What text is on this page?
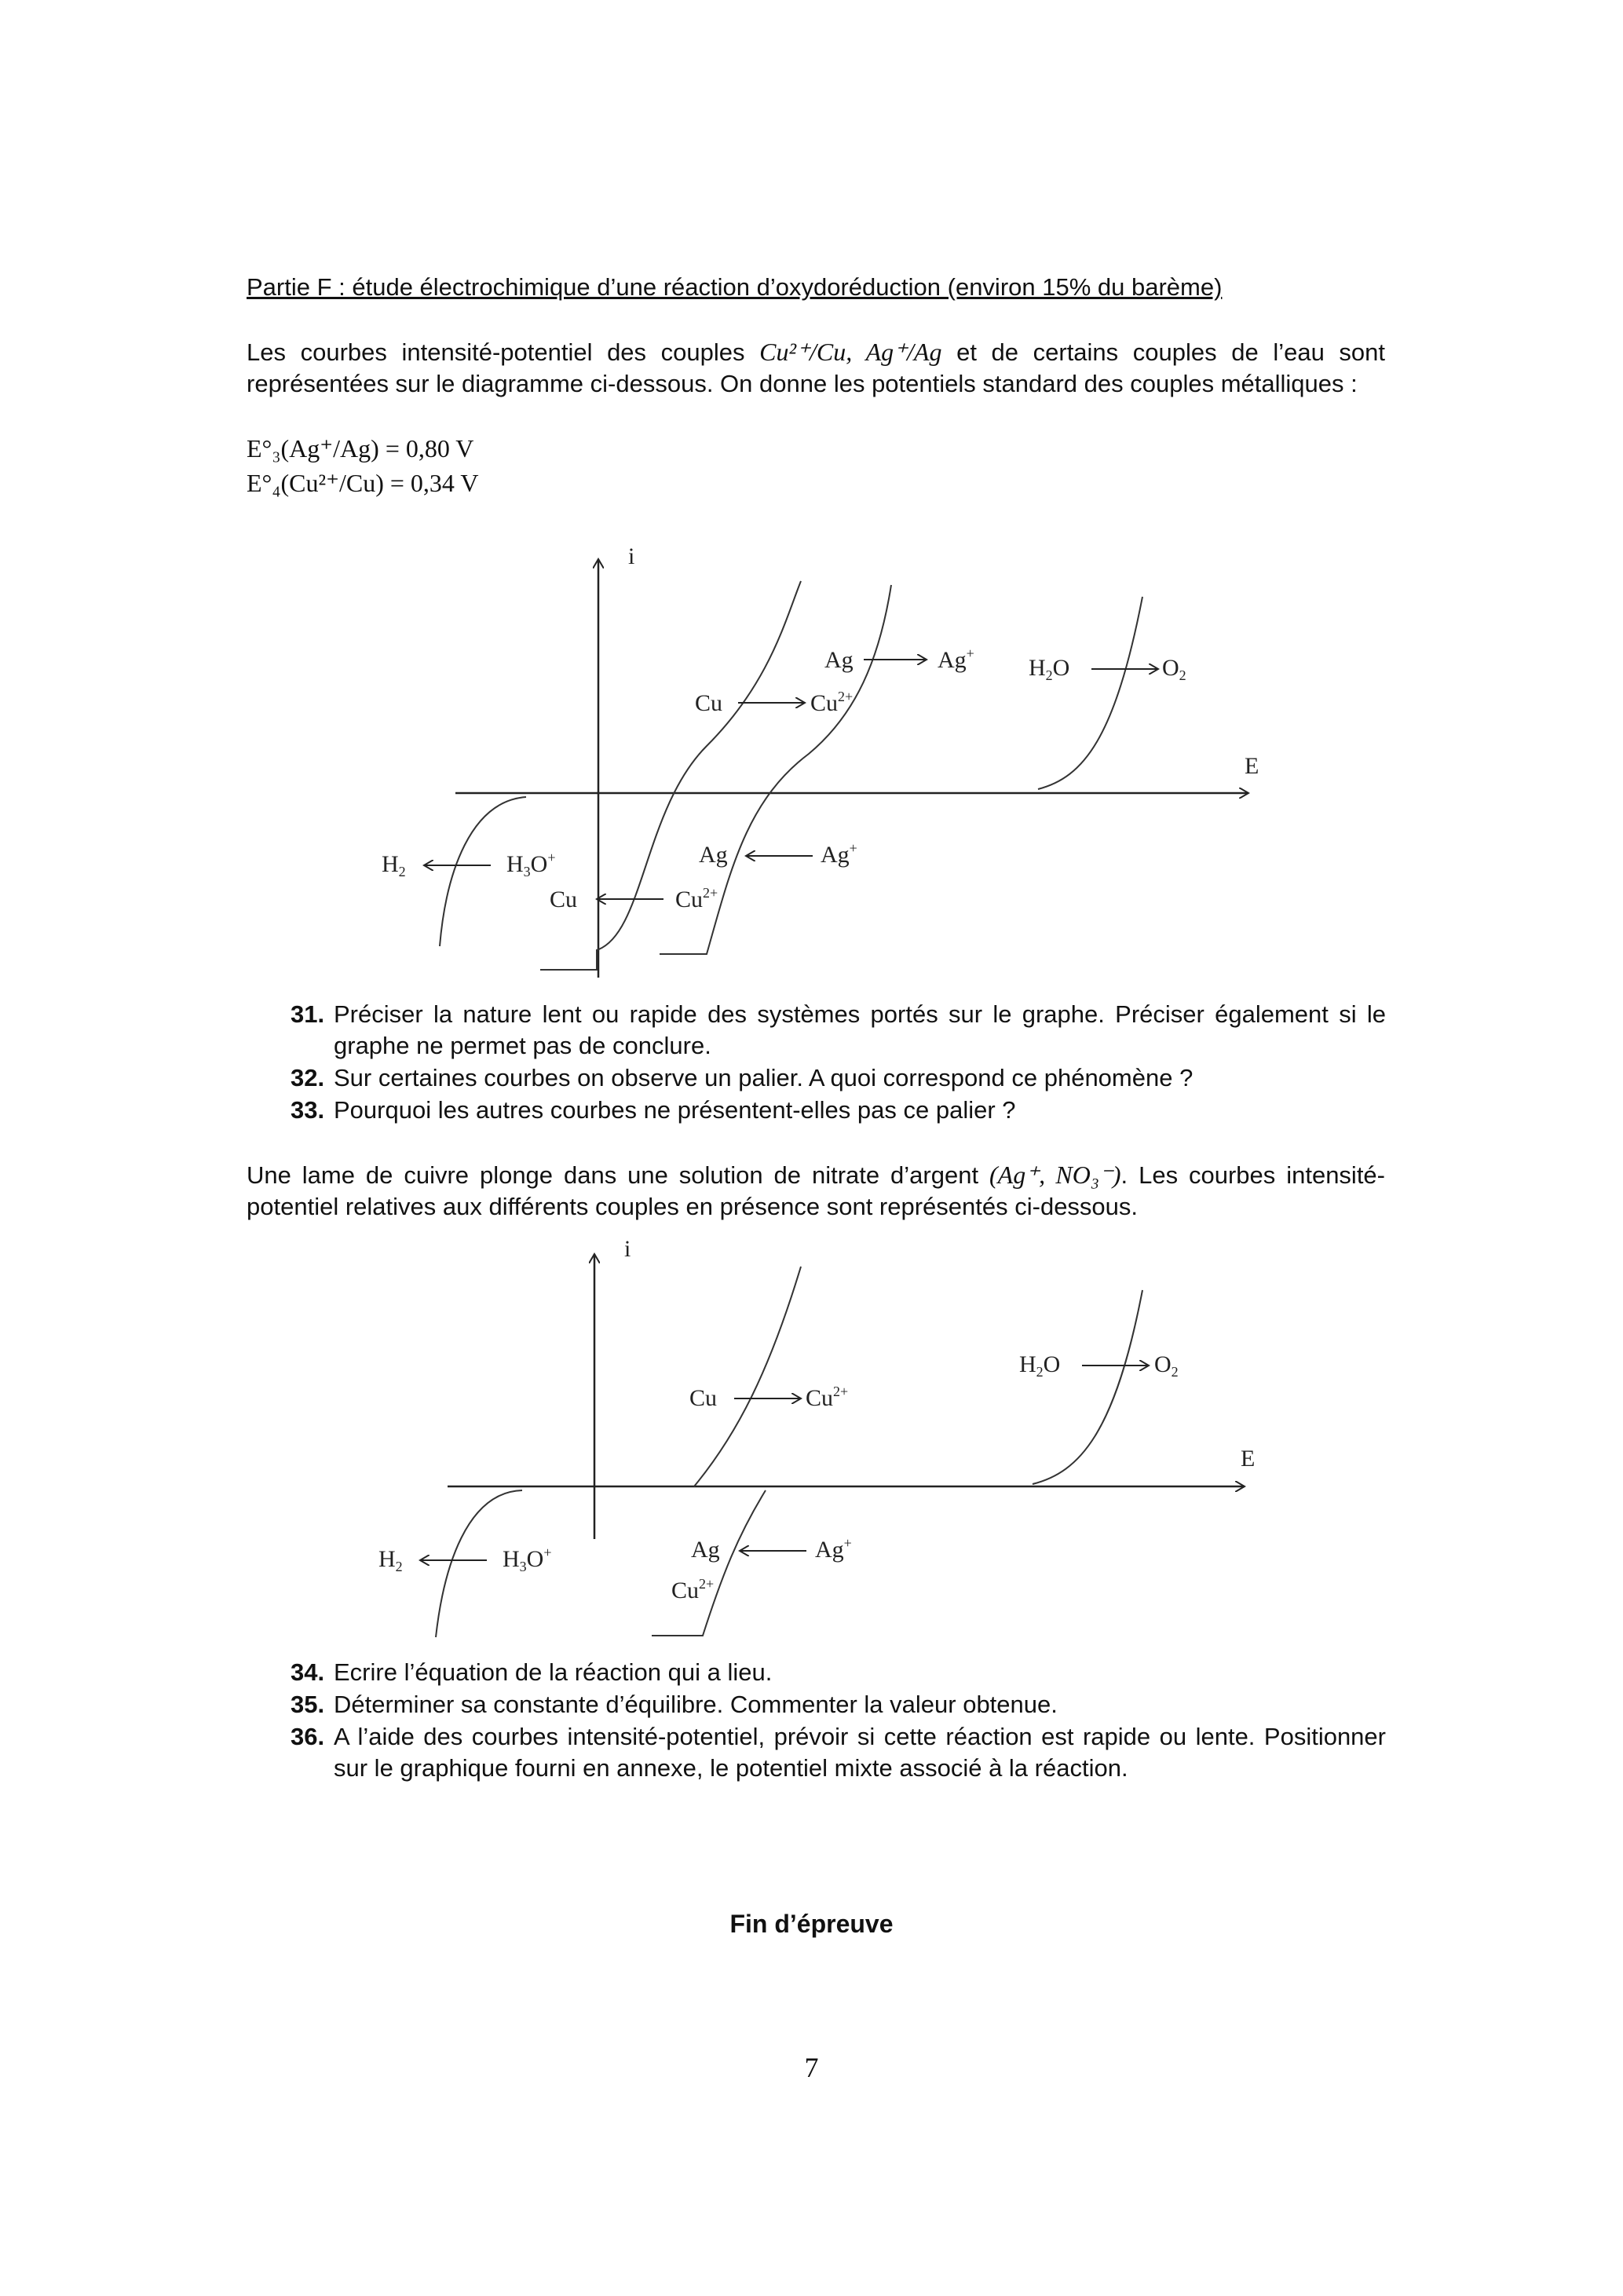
Partie F : étude électrochimique d’une réaction d’oxydoréduction (environ 15% du barème)
Les courbes intensité-potentiel des couples Cu²⁺/Cu, Ag⁺/Ag et de certains couples de l’eau sont représentées sur le diagramme ci-dessous. On donne les potentiels standard des couples métalliques :
E°₃(Ag⁺/Ag) = 0,80 V
E°₄(Cu²⁺/Cu) = 0,34 V
i
E
Ag	Ag+
$H_2O$	$O_2$
Cu	$Cu^{2+}$
$H_2$	$H_3O^+$	Ag	Ag+
Cu	$Cu^{2+}$
31. Préciser la nature lent ou rapide des systèmes portés sur le graphe. Préciser également si le graphe ne permet pas de conclure.
32. Sur certaines courbes on observe un palier. A quoi correspond ce phénomène ?
33. Pourquoi les autres courbes ne présentent-elles pas ce palier ?
Une lame de cuivre plonge dans une solution de nitrate d’argent (Ag⁺, NO₃⁻). Les courbes intensité-potentiel relatives aux différents couples en présence sont représentés ci-dessous.
i
E
$H_2O$	$O_2$
Cu	$Cu^{2+}$
$H_2$	$H_3O^+$	Ag	Ag+
$Cu^{2+}$
34. Ecrire l’équation de la réaction qui a lieu.
35. Déterminer sa constante d’équilibre. Commenter la valeur obtenue.
36. A l’aide des courbes intensité-potentiel, prévoir si cette réaction est rapide ou lente. Positionner sur le graphique fourni en annexe, le potentiel mixte associé à la réaction.
Fin d’épreuve
7
